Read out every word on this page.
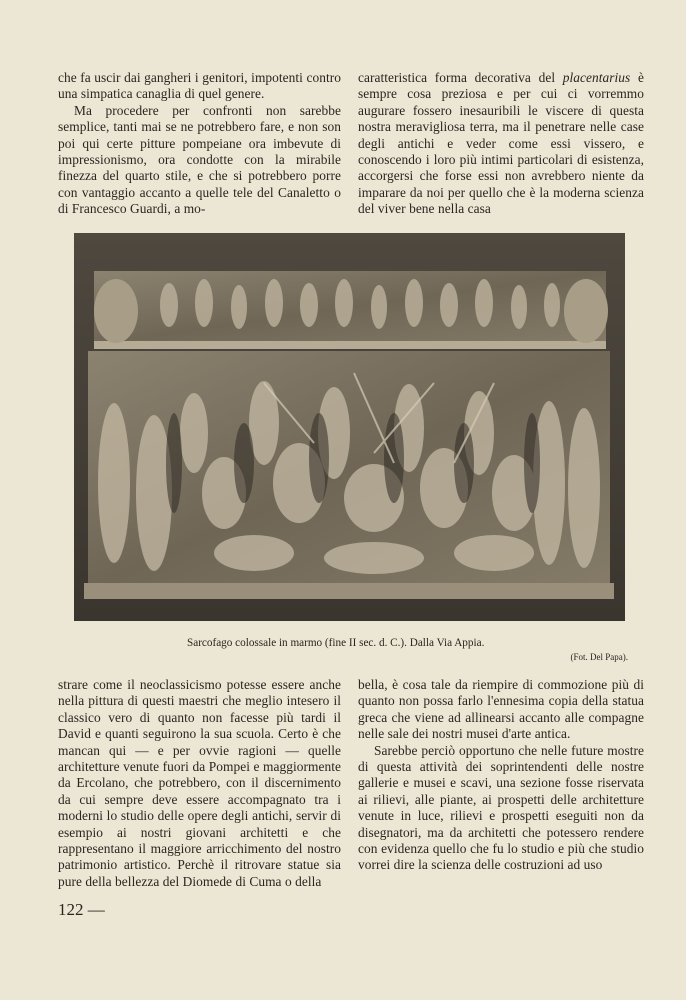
che fa uscir dai gangheri i genitori, impotenti contro una simpatica canaglia di quel genere.

Ma procedere per confronti non sarebbe semplice, tanti mai se ne potrebbero fare, e non son poi qui certe pitture pompeiane ora imbevute di impressionismo, ora condotte con la mirabile finezza del quarto stile, e che si potrebbero porre con vantaggio accanto a quelle tele del Canaletto o di Francesco Guardi, a mo-

caratteristica forma decorativa del placentarius è sempre cosa preziosa e per cui ci vorremmo augurare fossero inesauribili le viscere di questa nostra meravigliosa terra, ma il penetrare nelle case degli antichi e veder come essi vissero, e conoscendo i loro più intimi particolari di esistenza, accorgersi che forse essi non avrebbero niente da imparare da noi per quello che è la moderna scienza del viver bene nella casa

Sarcofago colossale in marmo (fine II sec. d. C.). Dalla Via Appia.
(Fot. Del Papa).

strare come il neoclassicismo potesse essere anche nella pittura di questi maestri che meglio intesero il classico vero di quanto non facesse più tardi il David e quanti seguirono la sua scuola. Certo è che mancan qui — e per ovvie ragioni — quelle architetture venute fuori da Pompei e maggiormente da Ercolano, che potrebbero, con il discernimento da cui sempre deve essere accompagnato tra i moderni lo studio delle opere degli antichi, servir di esempio ai nostri giovani architetti e che rappresentano il maggiore arricchimento del nostro patrimonio artistico. Perchè il ritrovare statue sia pure della bellezza del Diomede di Cuma o della

bella, è cosa tale da riempire di commozione più di quanto non possa farlo l'ennesima copia della statua greca che viene ad allinearsi accanto alle compagne nelle sale dei nostri musei d'arte antica.

Sarebbe perciò opportuno che nelle future mostre di questa attività dei soprintendenti delle nostre gallerie e musei e scavi, una sezione fosse riservata ai rilievi, alle piante, ai prospetti delle architetture venute in luce, rilievi e prospetti eseguiti non da disegnatori, ma da architetti che potessero rendere con evidenza quello che fu lo studio e più che studio vorrei dire la scienza delle costruzioni ad uso

122 —
